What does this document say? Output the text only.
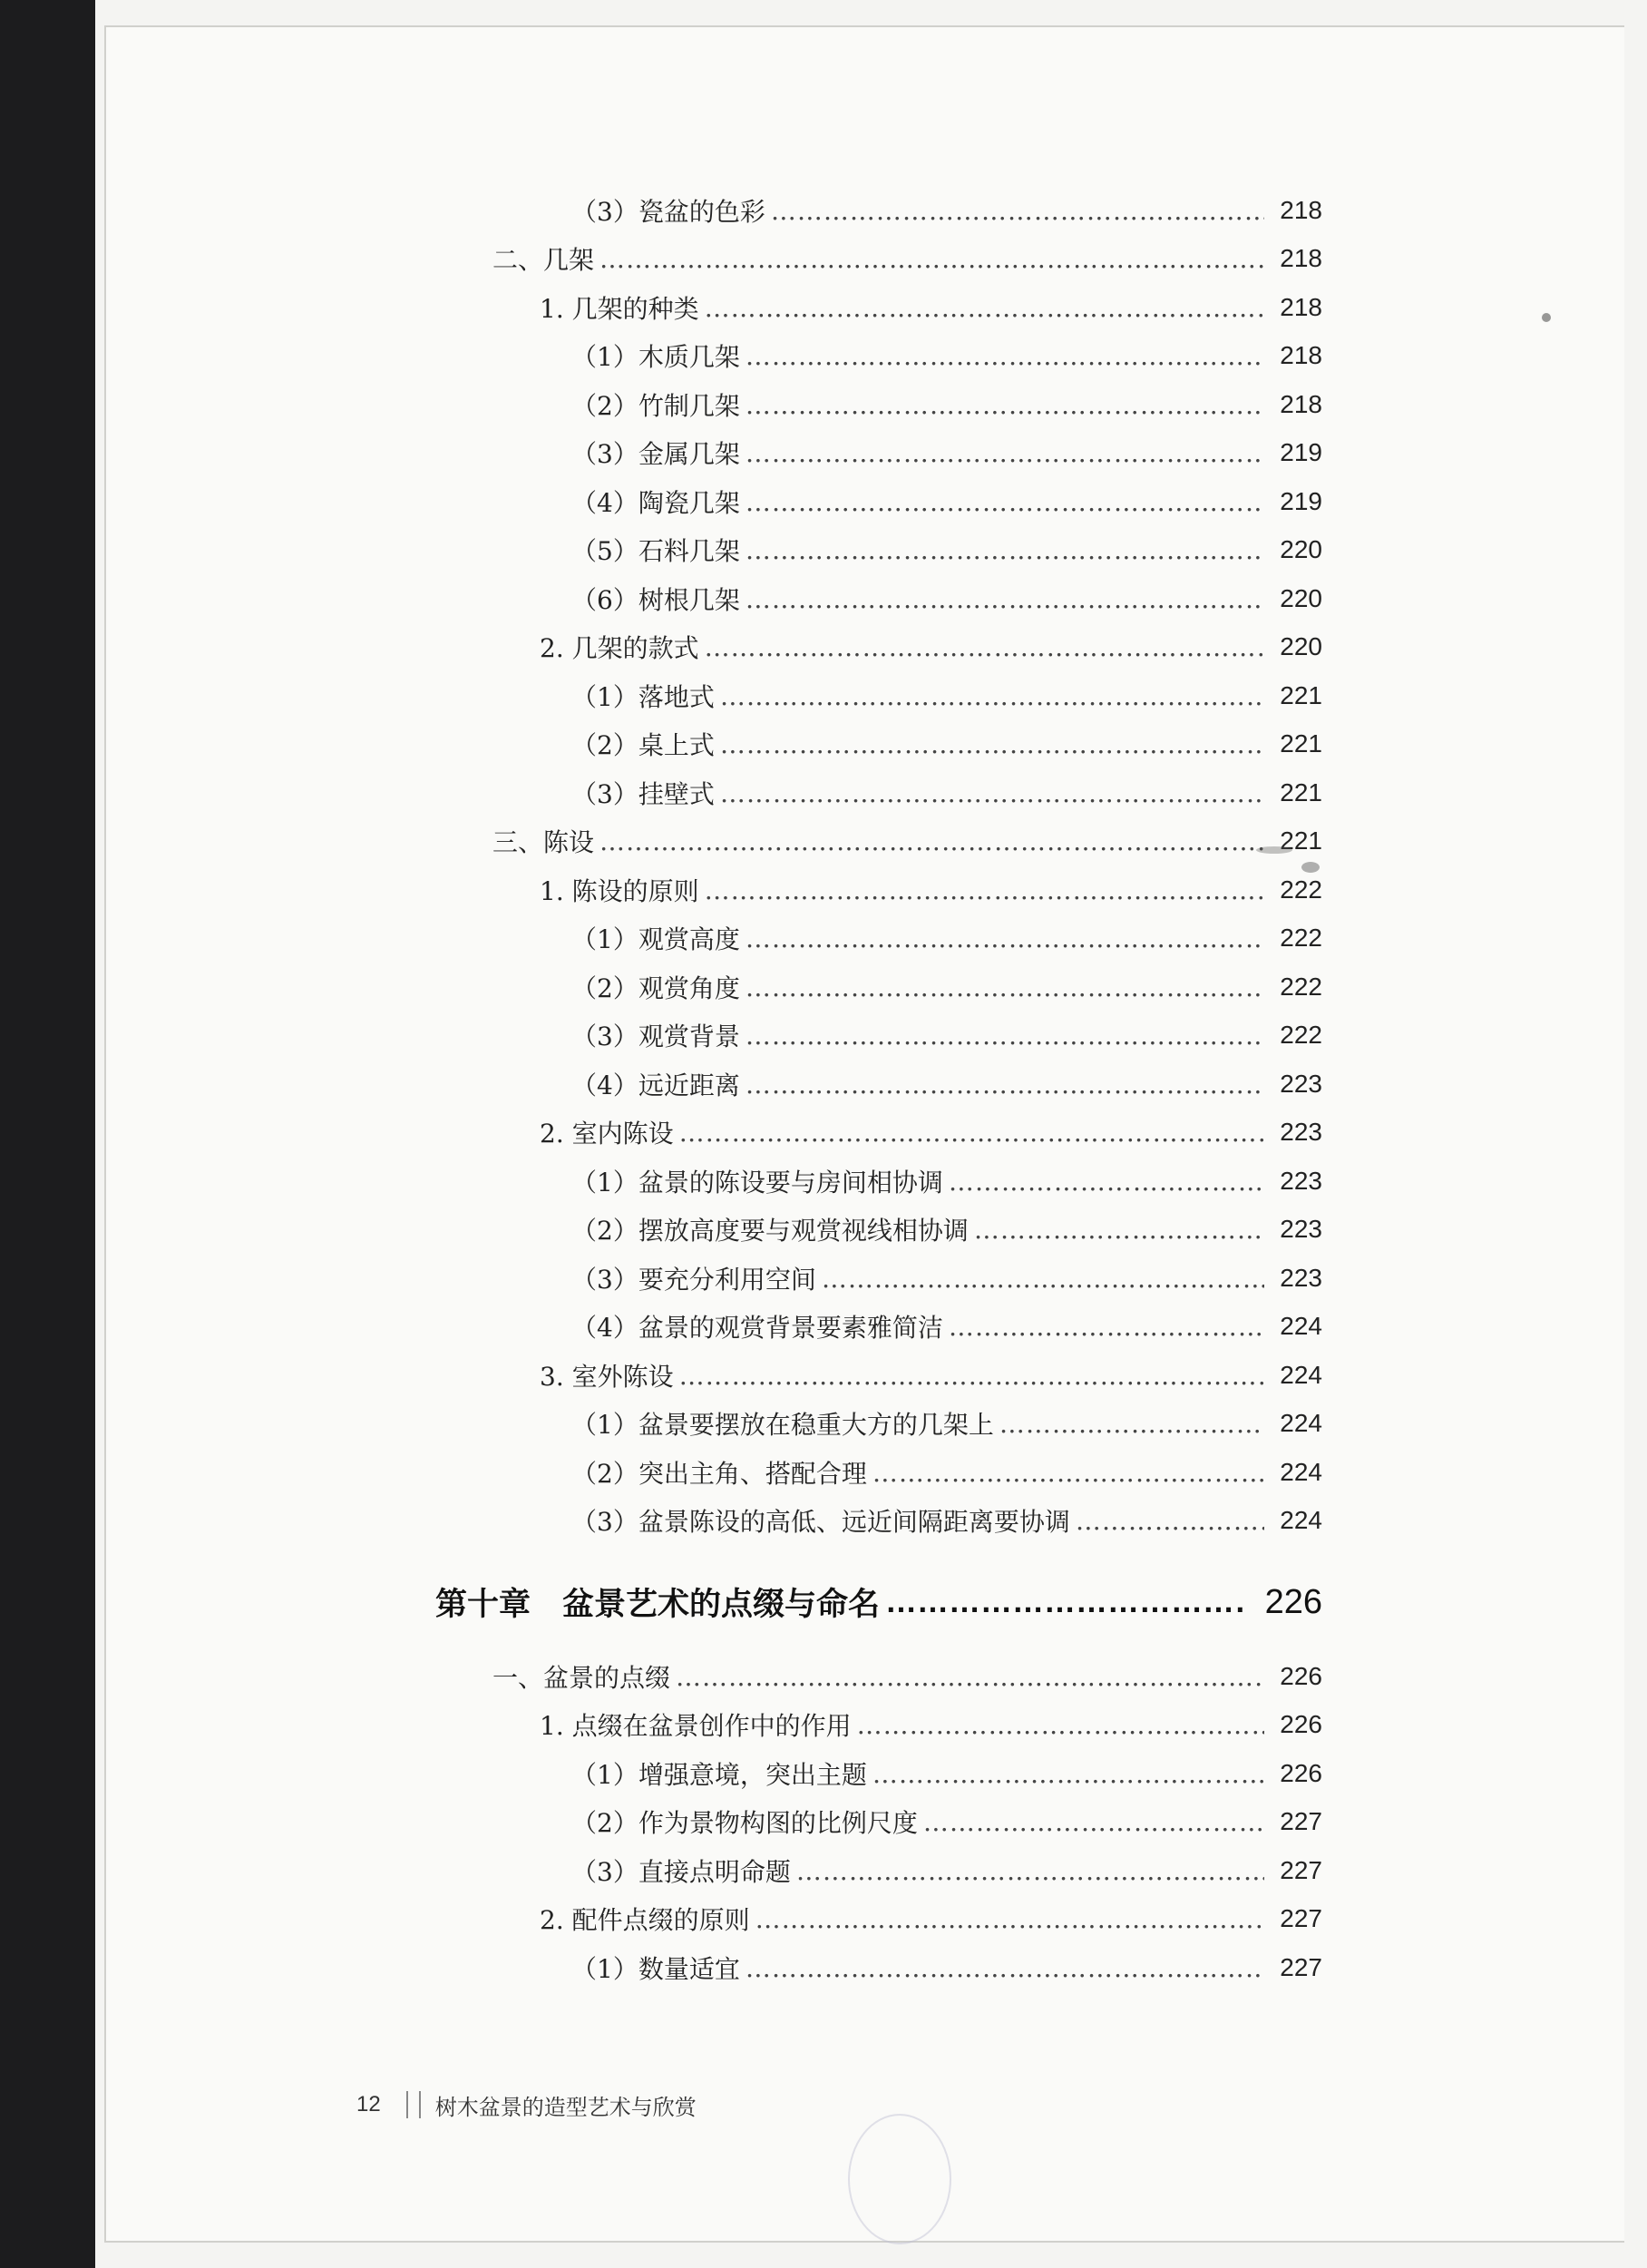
（3）瓷盆的色彩 ………………………………………………………………………………………………………………………………………………………………………………	218
二、几架 ………………………………………………………………………………………………………………………………………………………………………………	218
1. 几架的种类 ………………………………………………………………………………………………………………………………………………………………………………	218
（1）木质几架 ………………………………………………………………………………………………………………………………………………………………………………	218
（2）竹制几架 ………………………………………………………………………………………………………………………………………………………………………………	218
（3）金属几架 ………………………………………………………………………………………………………………………………………………………………………………	219
（4）陶瓷几架 ………………………………………………………………………………………………………………………………………………………………………………	219
（5）石料几架 ………………………………………………………………………………………………………………………………………………………………………………	220
（6）树根几架 ………………………………………………………………………………………………………………………………………………………………………………	220
2. 几架的款式 ………………………………………………………………………………………………………………………………………………………………………………	220
（1）落地式 ………………………………………………………………………………………………………………………………………………………………………………	221
（2）桌上式 ………………………………………………………………………………………………………………………………………………………………………………	221
（3）挂壁式 ………………………………………………………………………………………………………………………………………………………………………………	221
三、陈设 ………………………………………………………………………………………………………………………………………………………………………………	221
1. 陈设的原则 ………………………………………………………………………………………………………………………………………………………………………………	222
（1）观赏高度 ………………………………………………………………………………………………………………………………………………………………………………	222
（2）观赏角度 ………………………………………………………………………………………………………………………………………………………………………………	222
（3）观赏背景 ………………………………………………………………………………………………………………………………………………………………………………	222
（4）远近距离 ………………………………………………………………………………………………………………………………………………………………………………	223
2. 室内陈设 ………………………………………………………………………………………………………………………………………………………………………………	223
（1）盆景的陈设要与房间相协调 ………………………………………………………………………………………………………………………………………………………………………………	223
（2）摆放高度要与观赏视线相协调 ………………………………………………………………………………………………………………………………………………………………………………	223
（3）要充分利用空间 ………………………………………………………………………………………………………………………………………………………………………………	223
（4）盆景的观赏背景要素雅简洁 ………………………………………………………………………………………………………………………………………………………………………………	224
3. 室外陈设 ………………………………………………………………………………………………………………………………………………………………………………	224
（1）盆景要摆放在稳重大方的几架上 ………………………………………………………………………………………………………………………………………………………………………………	224
（2）突出主角、搭配合理 ………………………………………………………………………………………………………………………………………………………………………………	224
（3）盆景陈设的高低、远近间隔距离要协调 ………………………………………………………………………………………………………………………………………………………………………………	224
第十章　盆景艺术的点缀与命名 ………………………………………………………………………………………………………………	226
一、盆景的点缀 ………………………………………………………………………………………………………………………………………………………………………………	226
1. 点缀在盆景创作中的作用 ………………………………………………………………………………………………………………………………………………………………………………	226
（1）增强意境，突出主题 ………………………………………………………………………………………………………………………………………………………………………………	226
（2）作为景物构图的比例尺度 ………………………………………………………………………………………………………………………………………………………………………………	227
（3）直接点明命题 ………………………………………………………………………………………………………………………………………………………………………………	227
2. 配件点缀的原则 ………………………………………………………………………………………………………………………………………………………………………………	227
（1）数量适宜 ………………………………………………………………………………………………………………………………………………………………………………	227
12	树木盆景的造型艺术与欣赏
